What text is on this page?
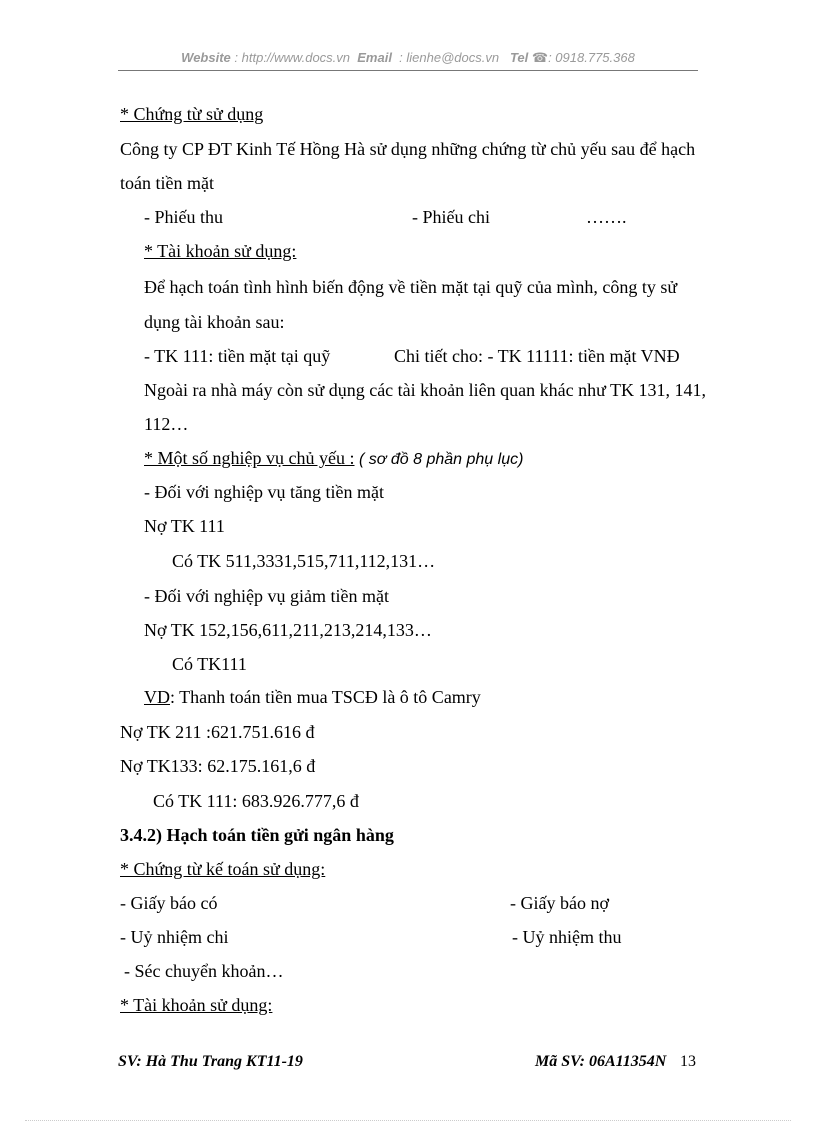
Website : http://www.docs.vn Email : lienhe@docs.vn Tel ☎: 0918.775.368
* Chứng từ sử dụng
Công ty CP ĐT Kinh Tế Hồng Hà sử dụng những chứng từ chủ yếu sau để hạch
toán tiền mặt
- Phiếu thu	- Phiếu chi	…….
* Tài khoản sử dụng:
Để hạch toán tình hình biến động về tiền mặt tại quỹ của mình, công ty sử
dụng tài khoản sau:
- TK 111: tiền mặt tại quỹ	Chi tiết cho: - TK 11111: tiền mặt VNĐ
Ngoài ra nhà máy còn sử dụng các tài khoản liên quan khác như TK 131, 141,
112…
* Một số nghiệp vụ chủ yếu : ( sơ đồ 8 phần phụ lục)
- Đối với nghiệp vụ tăng tiền mặt
Nợ TK 111
Có TK 511,3331,515,711,112,131…
- Đối với nghiệp vụ giảm tiền mặt
Nợ TK 152,156,611,211,213,214,133…
Có TK111
VD: Thanh toán tiền mua TSCĐ là ô tô Camry
Nợ TK 211 :621.751.616 đ
Nợ TK133: 62.175.161,6 đ
Có TK 111: 683.926.777,6 đ
3.4.2) Hạch toán tiền gửi ngân hàng
* Chứng từ kế toán sử dụng:
- Giấy báo có	- Giấy báo nợ
- Uỷ nhiệm chi	- Uỷ nhiệm thu
- Séc chuyển khoản…
* Tài khoản sử dụng:
SV: Hà Thu Trang KT11-19	Mã SV: 06A11354N 13
